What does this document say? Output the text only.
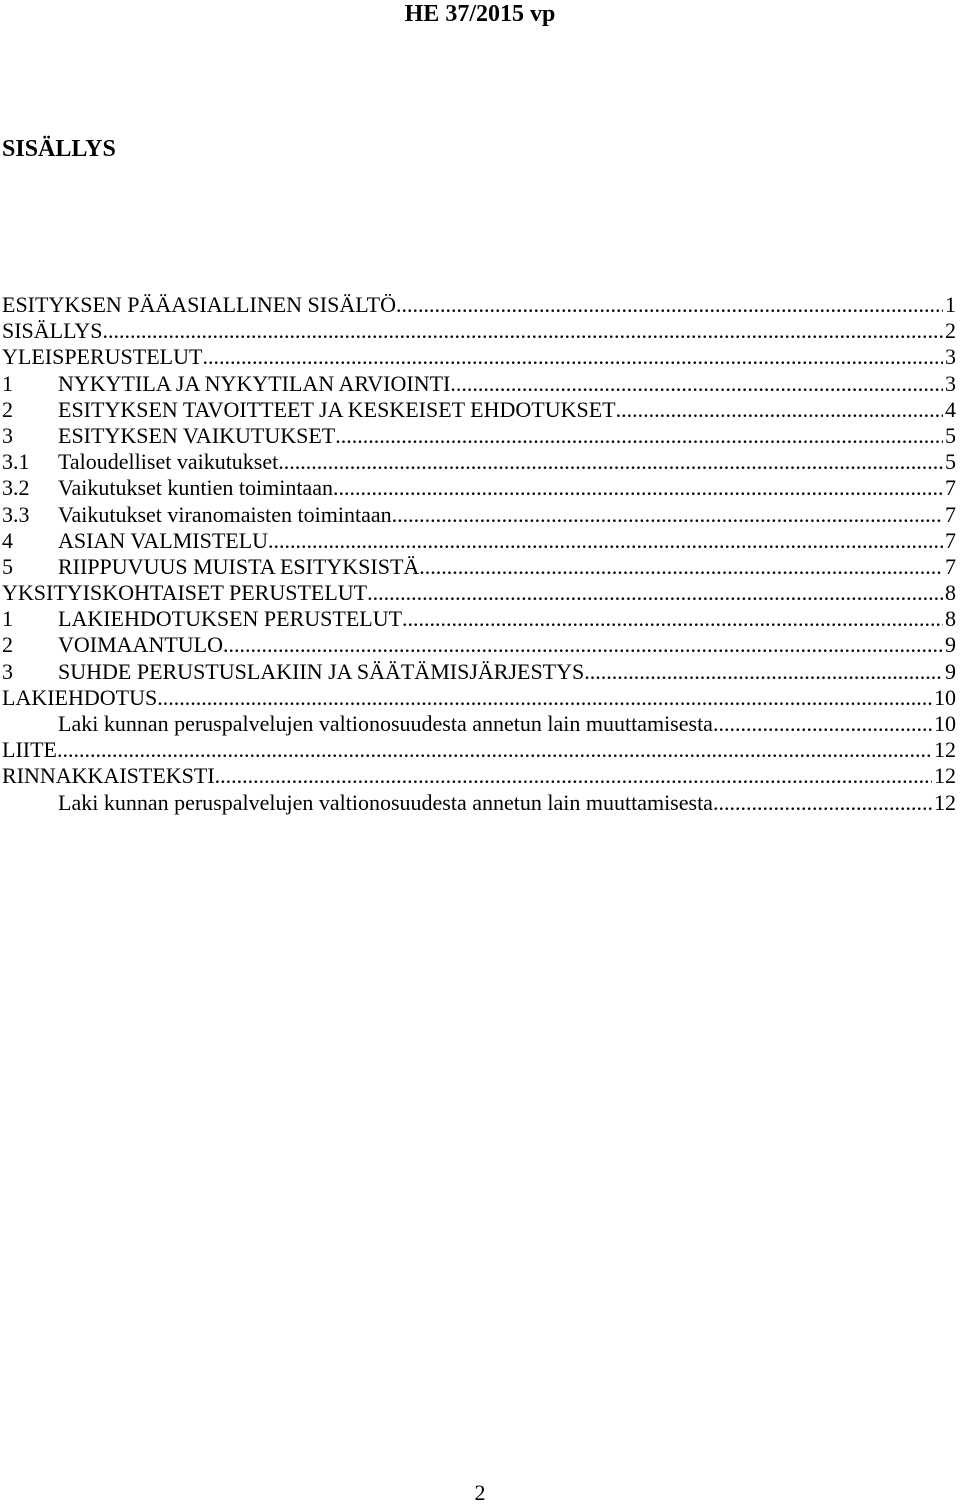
HE 37/2015 vp
SISÄLLYS
ESITYKSEN PÄÄASIALLINEN SISÄLTÖ .....	1
SISÄLLYS .....	2
YLEISPERUSTELUT .....	3
1	NYKYTILA JA NYKYTILAN ARVIOINTI .....	3
2	ESITYKSEN TAVOITTEET JA KESKEISET EHDOTUKSET .....	4
3	ESITYKSEN VAIKUTUKSET .....	5
3.1	Taloudelliset vaikutukset .....	5
3.2	Vaikutukset kuntien toimintaan .....	7
3.3	Vaikutukset viranomaisten toimintaan .....	7
4	ASIAN VALMISTELU .....	7
5	RIIPPUVUUS MUISTA ESITYKSISTÄ .....	7
YKSITYISKOHTAISET PERUSTELUT .....	8
1	LAKIEHDOTUKSEN PERUSTELUT .....	8
2	VOIMAANTULO .....	9
3	SUHDE PERUSTUSLAKIIN JA SÄÄTÄMISJÄRJESTYS .....	9
LAKIEHDOTUS .....	10
Laki kunnan peruspalvelujen valtionosuudesta annetun lain muuttamisesta .....	10
LIITE .....	12
RINNAKKAISTEKSTI .....	12
Laki kunnan peruspalvelujen valtionosuudesta annetun lain muuttamisesta .....	12
2
